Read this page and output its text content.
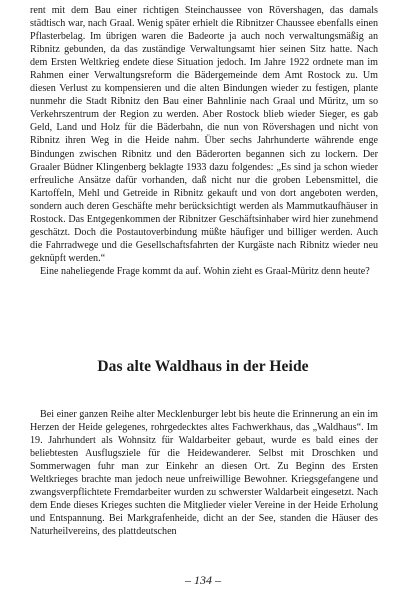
rent mit dem Bau einer richtigen Steinchaussee von Rövershagen, das damals städtisch war, nach Graal. Wenig später erhielt die Ribnitzer Chaussee ebenfalls einen Pflasterbelag. Im übrigen waren die Badeorte ja auch noch verwaltungsmäßig an Ribnitz gebunden, da das zuständige Verwaltungsamt hier seinen Sitz hatte. Nach dem Ersten Weltkrieg endete diese Situation jedoch. Im Jahre 1922 ordnete man im Rahmen einer Verwaltungsreform die Bädergemeinde dem Amt Rostock zu. Um diesen Verlust zu kompensieren und die alten Bindungen wieder zu festigen, plante nunmehr die Stadt Ribnitz den Bau einer Bahnlinie nach Graal und Müritz, um so Verkehrszentrum der Region zu werden. Aber Rostock blieb wieder Sieger, es gab Geld, Land und Holz für die Bäderbahn, die nun von Rövershagen und nicht von Ribnitz ihren Weg in die Heide nahm. Über sechs Jahrhunderte währende enge Bindungen zwischen Ribnitz und den Bäderorten begannen sich zu lockern. Der Graaler Büdner Klingenberg beklagte 1933 dazu folgendes: „Es sind ja schon wieder erfreuliche Ansätze dafür vorhanden, daß nicht nur die groben Lebensmittel, die Kartoffeln, Mehl und Getreide in Ribnitz gekauft und von dort angeboten werden, sondern auch deren Geschäfte mehr berücksichtigt werden als Mammutkaufhäuser in Rostock. Das Entgegenkommen der Ribnitzer Geschäftsinhaber wird hier zunehmend geschätzt. Doch die Postautoverbindung müßte häufiger und billiger werden. Auch die Fahrradwege und die Gesellschaftsfahrten der Kurgäste nach Ribnitz wieder neu geknüpft werden.“

Eine naheliegende Frage kommt da auf. Wohin zieht es Graal-Müritz denn heute?

Das alte Waldhaus in der Heide

Bei einer ganzen Reihe alter Mecklenburger lebt bis heute die Erinnerung an ein im Herzen der Heide gelegenes, rohrgedecktes altes Fachwerkhaus, das „Waldhaus“. Im 19. Jahrhundert als Wohnsitz für Waldarbeiter gebaut, wurde es bald eines der beliebtesten Ausflugsziele für die Heidewanderer. Selbst mit Droschken und Sommerwagen fuhr man zur Einkehr an diesen Ort. Zu Beginn des Ersten Weltkrieges brachte man jedoch neue unfreiwillige Bewohner. Kriegsgefangene und zwangsverpflichtete Fremdarbeiter wurden zu schwerster Waldarbeit eingesetzt. Nach dem Ende dieses Krieges suchten die Mitglieder vieler Vereine in der Heide Erholung und Entspannung. Bei Markgrafenheide, dicht an der See, standen die Häuser des Naturheilvereins, des plattdeutschen

– 134 –
